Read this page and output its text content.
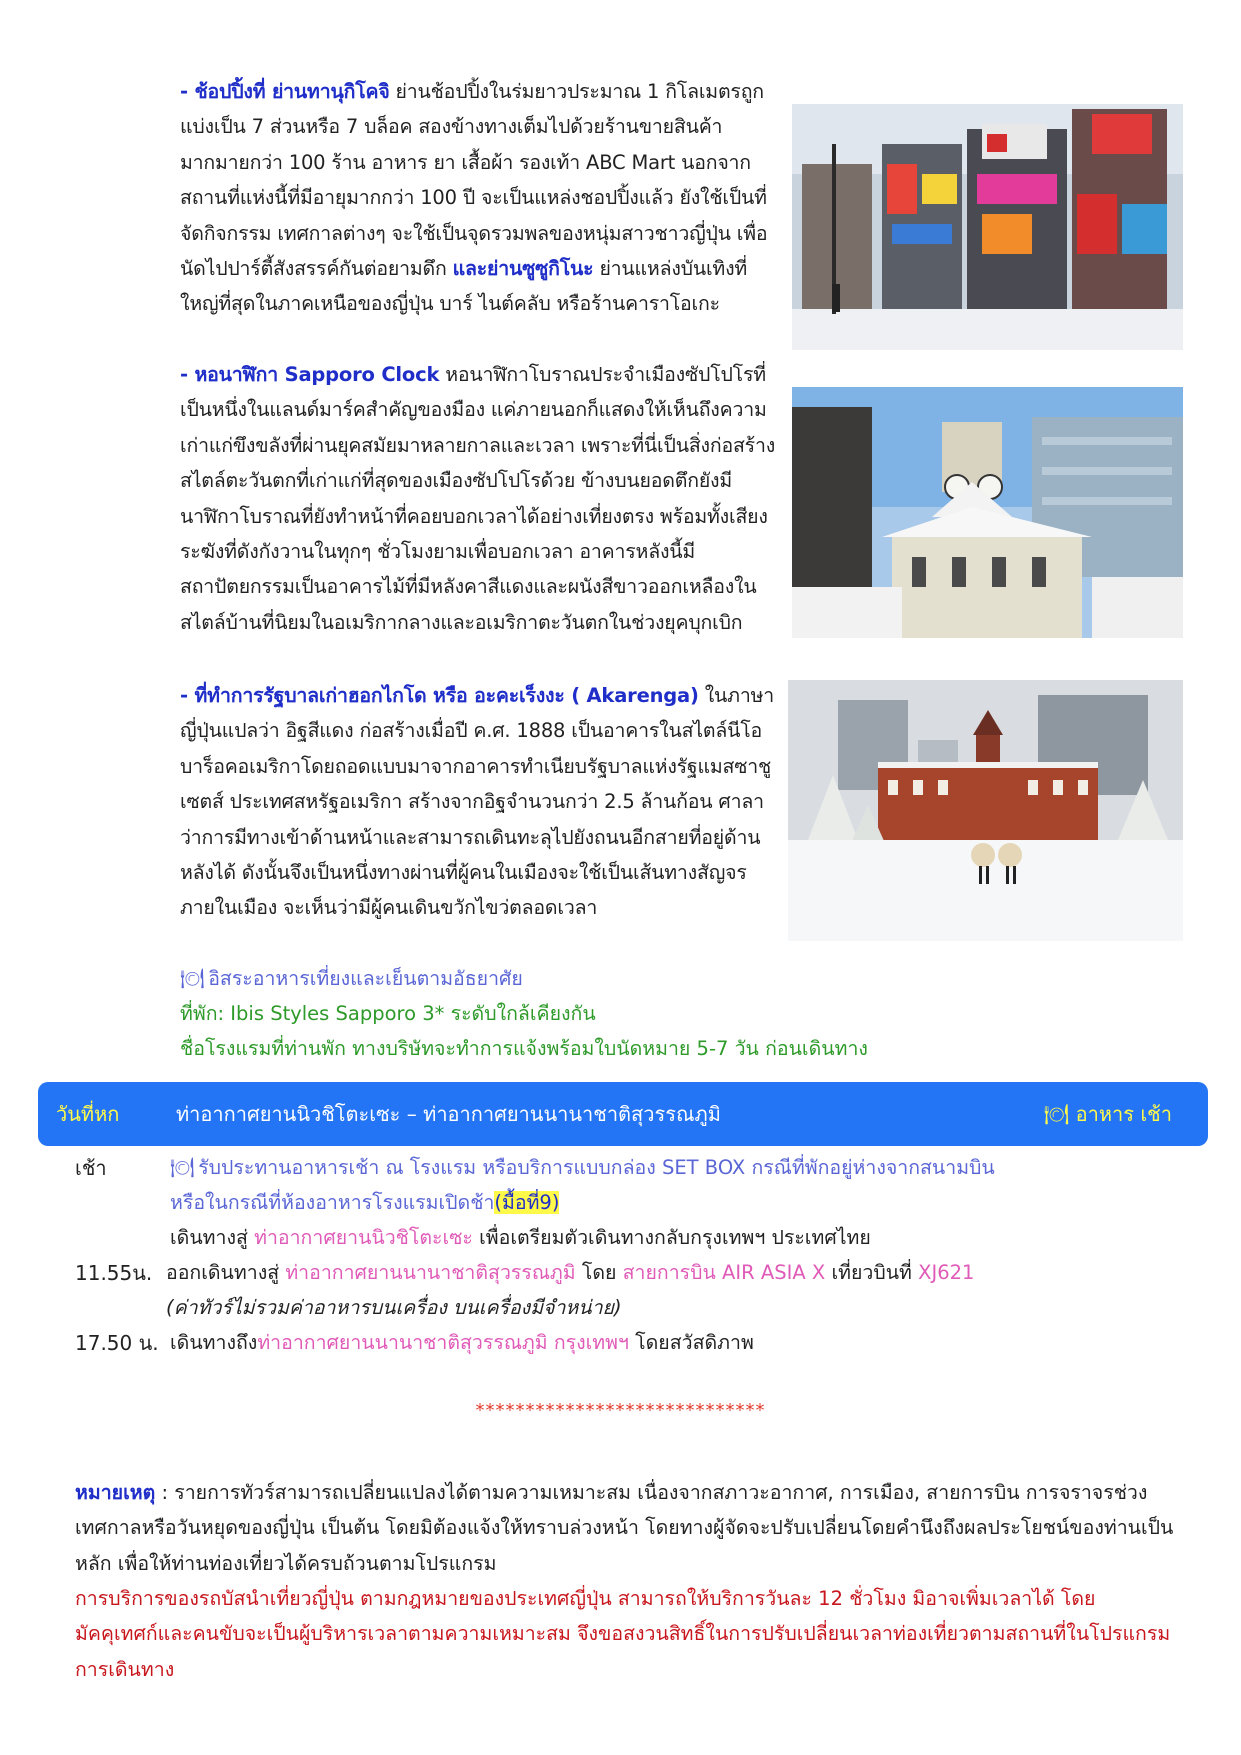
- ช้อปปิ้งที่ ย่านทานุกิโคจิ ย่านช้อปปิ้งในร่มยาวประมาณ 1 กิโลเมตรถูกแบ่งเป็น 7 ส่วนหรือ 7 บล็อค สองข้างทางเต็มไปด้วยร้านขายสินค้ามากมายกว่า 100 ร้าน อาหาร ยา เสื้อผ้า รองเท้า ABC Mart นอกจากสถานที่แห่งนี้ที่มีอายุมากกว่า 100 ปี จะเป็นแหล่งชอปปิ้งแล้ว ยังใช้เป็นที่จัดกิจกรรม เทศกาลต่างๆ จะใช้เป็นจุดรวมพลของหนุ่มสาวชาวญี่ปุ่น เพื่อนัดไปปาร์ตี้สังสรรค์กันต่อยามดึก และย่านซูซูกิโนะ ย่านแหล่งบันเทิงที่ใหญ่ที่สุดในภาคเหนือของญี่ปุ่น บาร์ ไนต์คลับ หรือร้านคาราโอเกะ
- หอนาฬิกา Sapporo Clock หอนาฬิกาโบราณประจำเมืองซัปโปโรที่เป็นหนึ่งในแลนด์มาร์คสำคัญของมือง แค่ภายนอกก็แสดงให้เห็นถึงความเก่าแก่ขึงขลังที่ผ่านยุคสมัยมาหลายกาลและเวลา เพราะที่นี่เป็นสิ่งก่อสร้างสไตล์ตะวันตกที่เก่าแก่ที่สุดของเมืองซัปโปโรด้วย ข้างบนยอดตึกยังมีนาฬิกาโบราณที่ยังทำหน้าที่คอยบอกเวลาได้อย่างเที่ยงตรง พร้อมทั้งเสียงระฆังที่ดังกังวานในทุกๆ ชั่วโมงยามเพื่อบอกเวลา อาคารหลังนี้มีสถาปัตยกรรมเป็นอาคารไม้ที่มีหลังคาสีแดงและผนังสีขาวออกเหลืองในสไตล์บ้านที่นิยมในอเมริกากลางและอเมริกาตะวันตกในช่วงยุคบุกเบิก
- ที่ทำการรัฐบาลเก่าฮอกไกโด หรือ อะคะเร็งงะ ( Akarenga) ในภาษาญี่ปุ่นแปลว่า อิฐสีแดง ก่อสร้างเมื่อปี ค.ศ. 1888 เป็นอาคารในสไตล์นีโอบาร็อคอเมริกาโดยถอดแบบมาจากอาคารทำเนียบรัฐบาลแห่งรัฐแมสซาชูเซตส์ ประเทศสหรัฐอเมริกา สร้างจากอิฐจำนวนกว่า 2.5 ล้านก้อน ศาลาว่าการมีทางเข้าด้านหน้าและสามารถเดินทะลุไปยังถนนอีกสายที่อยู่ด้านหลังได้ ดังนั้นจึงเป็นหนึ่งทางผ่านที่ผู้คนในเมืองจะใช้เป็นเส้นทางสัญจรภายในเมือง จะเห็นว่ามีผู้คนเดินขวักไขว่ตลอดเวลา
🍽 อิสระอาหารเที่ยงและเย็นตามอัธยาศัย
ที่พัก: Ibis Styles Sapporo 3* ระดับใกล้เคียงกัน
ชื่อโรงแรมที่ท่านพัก ทางบริษัทจะทำการแจ้งพร้อมใบนัดหมาย 5-7 วัน ก่อนเดินทาง
วันที่หก	ท่าอากาศยานนิวชิโตะเซะ – ท่าอากาศยานนานาชาติสุวรรณภูมิ	🍽 อาหาร เช้า
เช้า	🍽 รับประทานอาหารเช้า ณ โรงแรม หรือบริการแบบกล่อง SET BOX กรณีที่พักอยู่ห่างจากสนามบิน
หรือในกรณีที่ห้องอาหารโรงแรมเปิดช้า(มื้อที่9)
เดินทางสู่ ท่าอากาศยานนิวชิโตะเซะ เพื่อเตรียมตัวเดินทางกลับกรุงเทพฯ ประเทศไทย
11.55น. ออกเดินทางสู่ ท่าอากาศยานนานาชาติสุวรรณภูมิ โดย สายการบิน AIR ASIA X เที่ยวบินที่ XJ621
(ค่าทัวร์ไม่รวมค่าอาหารบนเครื่อง บนเครื่องมีจำหน่าย)
17.50 น. เดินทางถึงท่าอากาศยานนานาชาติสุวรรณภูมิ กรุงเทพฯ โดยสวัสดิภาพ
*****************************
หมายเหตุ : รายการทัวร์สามารถเปลี่ยนแปลงได้ตามความเหมาะสม เนื่องจากสภาวะอากาศ, การเมือง, สายการบิน การจราจรช่วงเทศกาลหรือวันหยุดของญี่ปุ่น เป็นต้น โดยมิต้องแจ้งให้ทราบล่วงหน้า โดยทางผู้จัดจะปรับเปลี่ยนโดยคำนึงถึงผลประโยชน์ของท่านเป็นหลัก เพื่อให้ท่านท่องเที่ยวได้ครบถ้วนตามโปรแกรม
การบริการของรถบัสนำเที่ยวญี่ปุ่น ตามกฎหมายของประเทศญี่ปุ่น สามารถให้บริการวันละ 12 ชั่วโมง มิอาจเพิ่มเวลาได้ โดยมัคคุเทศก์และคนขับจะเป็นผู้บริหารเวลาตามความเหมาะสม จึงขอสงวนสิทธิ์ในการปรับเปลี่ยนเวลาท่องเที่ยวตามสถานที่ในโปรแกรมการเดินทาง
